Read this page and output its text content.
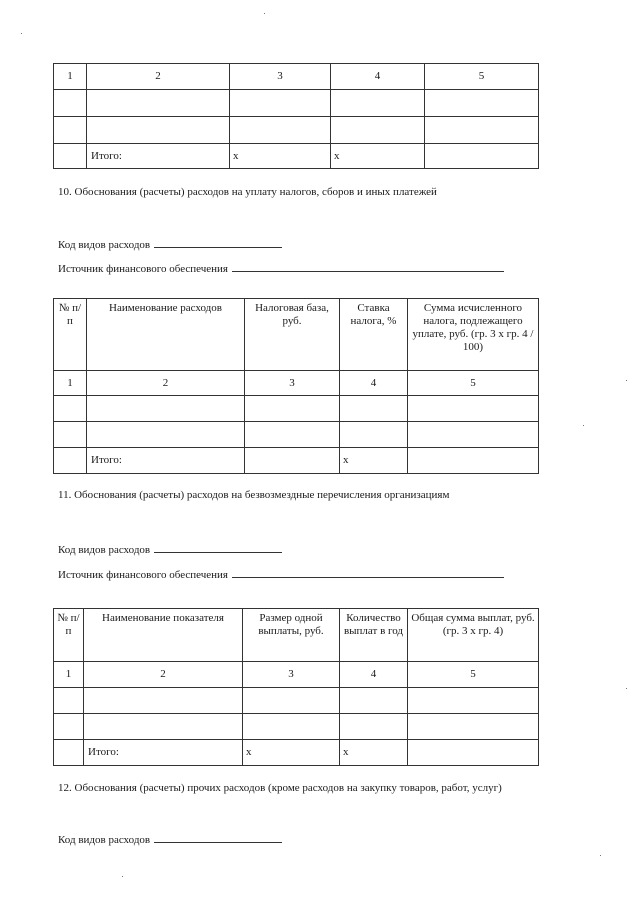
1	2	3	4	5

	Итого:	x	x	
10. Обоснования (расчеты) расходов на уплату налогов, сборов и иных платежей
Код видов расходов
Источник финансового обеспечения
№ п/п	Наименование расходов	Налоговая база, руб.	Ставка налога, %	Сумма исчисленного налога, подлежащего уплате, руб. (гр. 3 х гр. 4 / 100)
1	2	3	4	5

	Итого:		x	
11. Обоснования (расчеты) расходов на безвозмездные перечисления организациям
Код видов расходов
Источник финансового обеспечения
№ п/п	Наименование показателя	Размер одной выплаты, руб.	Количество выплат в год	Общая сумма выплат, руб. (гр. 3 х гр. 4)
1	2	3	4	5

	Итого:	x	x	
12. Обоснования (расчеты) прочих расходов (кроме расходов на закупку товаров, работ, услуг)
Код видов расходов
